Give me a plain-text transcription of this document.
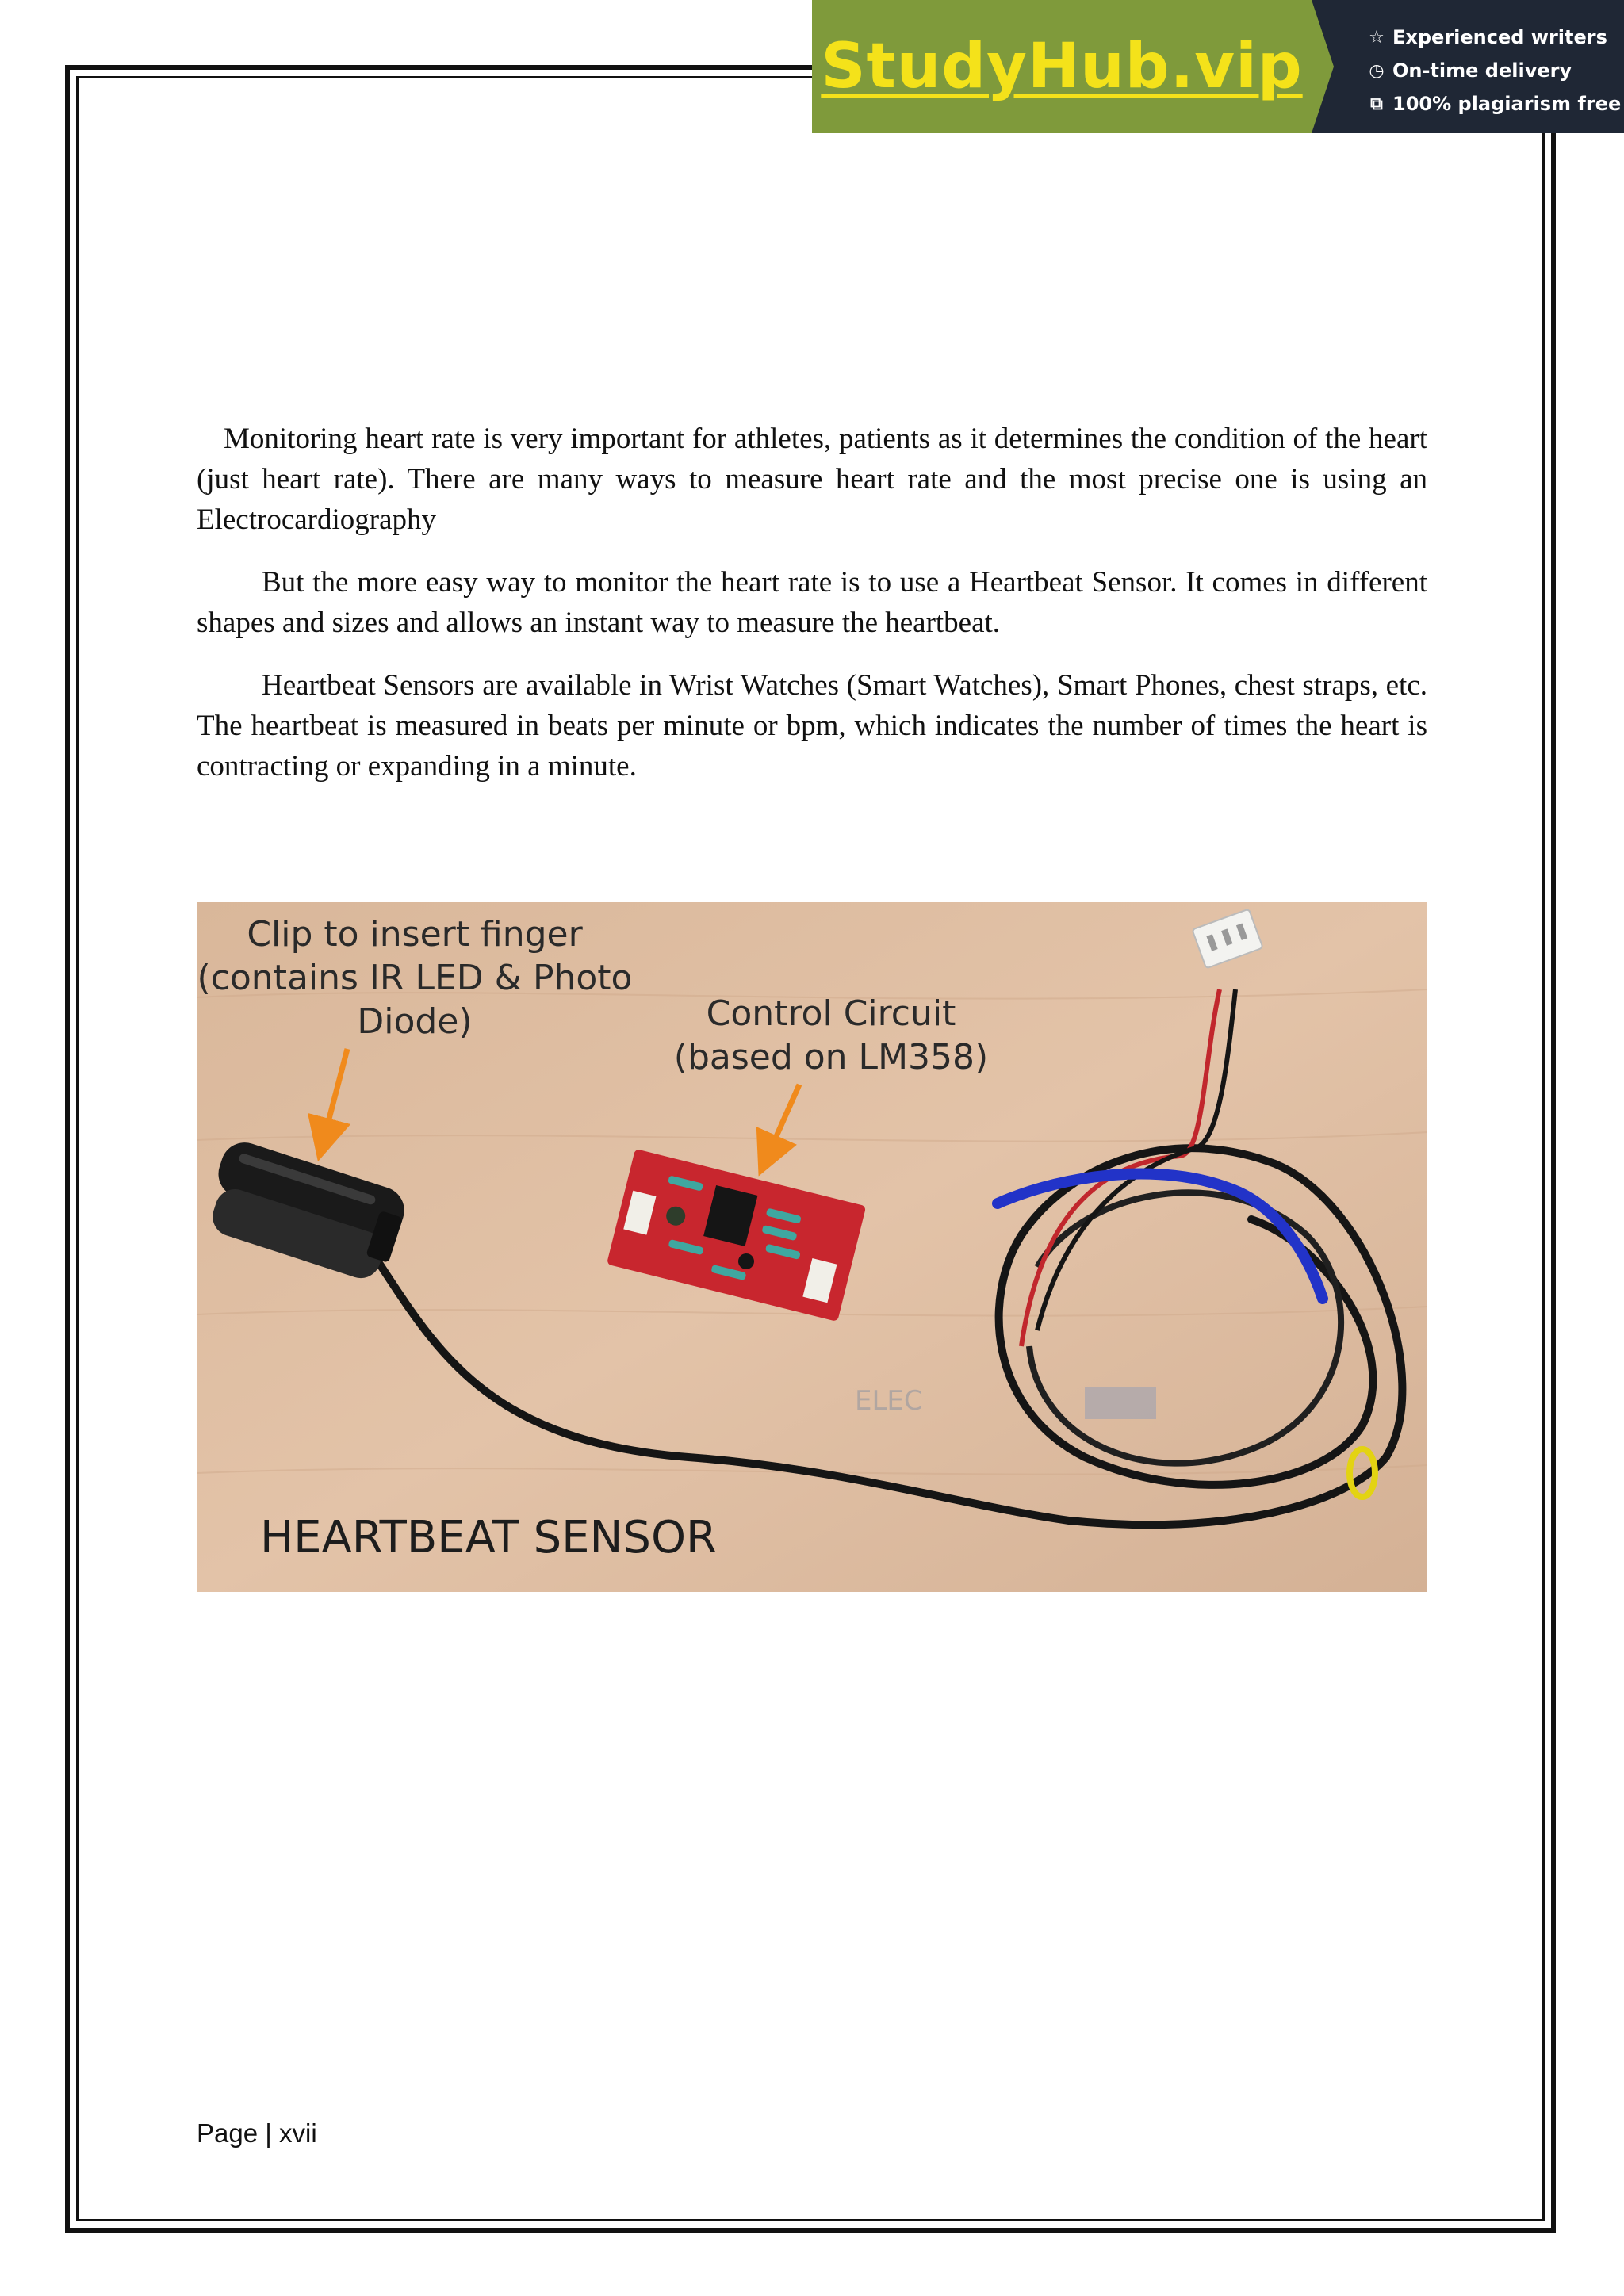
StudyHub.vip	☆ Experienced writers
◷ On-time delivery
⧉ 100% plagiarism free

Monitoring heart rate is very important for athletes, patients as it determines the condition of the heart (just heart rate). There are many ways to measure heart rate and the most precise one is using an Electrocardiography

But the more easy way to monitor the heart rate is to use a Heartbeat Sensor. It comes in different shapes and sizes and allows an instant way to measure the heartbeat.

Heartbeat Sensors are available in Wrist Watches (Smart Watches), Smart Phones, chest straps, etc. The heartbeat is measured in beats per minute or bpm, which indicates the number of times the heart is contracting or expanding in a minute.

Clip to insert finger
(contains IR LED & Photo
Diode)	Control Circuit
(based on LM358)
ELEC
HEARTBEAT SENSOR
Page | xvii
